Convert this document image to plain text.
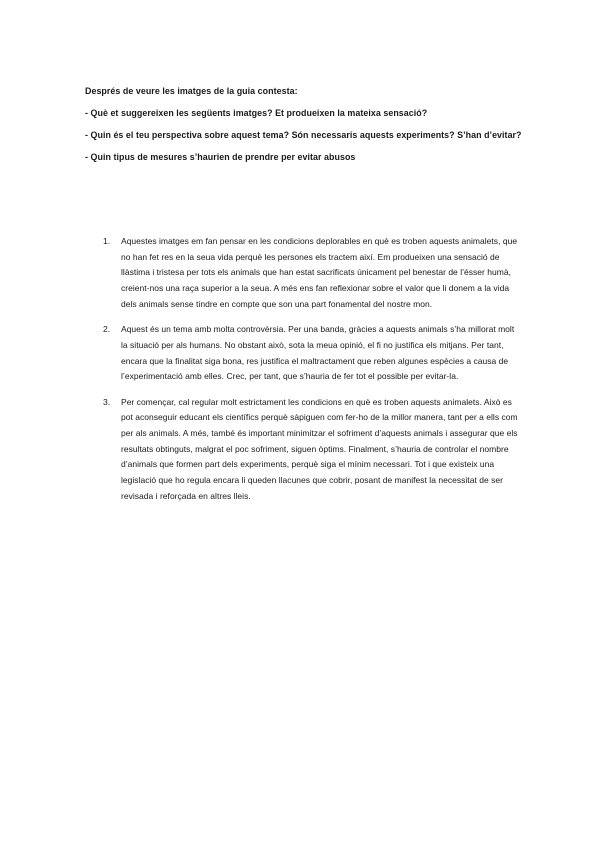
Després de veure les imatges de la guia contesta:

- Què et suggereixen les següents imatges? Et produeixen la mateixa sensació?

- Quin és el teu perspectiva sobre aquest tema? Són necessaris aquests experiments? S’han d’evitar?

- Quin tipus de mesures s’haurien de prendre per evitar abusos

1. Aquestes imatges em fan pensar en les condicions deplorables en què es troben aquests animalets, que no han fet res en la seua vida perquè les persones els tractem així. Em produeixen una sensació de llàstima i tristesa per tots els animals que han estat sacrificats únicament pel benestar de l’ésser humà, creient-nos una raça superior a la seua. A més ens fan reflexionar sobre el valor que li donem a la vida dels animals sense tindre en compte que son una part fonamental del nostre mon.
2. Aquest és un tema amb molta controvèrsia. Per una banda, gràcies a aquests animals s’ha millorat molt la situació per als humans. No obstant això, sota la meua opinió, el fi no justifica els mitjans. Per tant, encara que la finalitat siga bona, res justifica el maltractament que reben algunes espècies a causa de l’experimentació amb elles. Crec, per tant, que s’hauria de fer tot el possible per evitar-la.
3. Per començar, cal regular molt estrictament les condicions en què es troben aquests animalets. Això es pot aconseguir educant els científics perquè sàpiguen com fer-ho de la millor manera, tant per a ells com per als animals. A més, també és important minimitzar el sofriment d’aquests animals i assegurar que els resultats obtinguts, malgrat el poc sofriment, siguen òptims. Finalment, s’hauria de controlar el nombre d’animals que formen part dels experiments, perquè siga el mínim necessari. Tot i que existeix una legislació que ho regula encara li queden llacunes que cobrir, posant de manifest la necessitat de ser revisada i reforçada en altres lleis.
